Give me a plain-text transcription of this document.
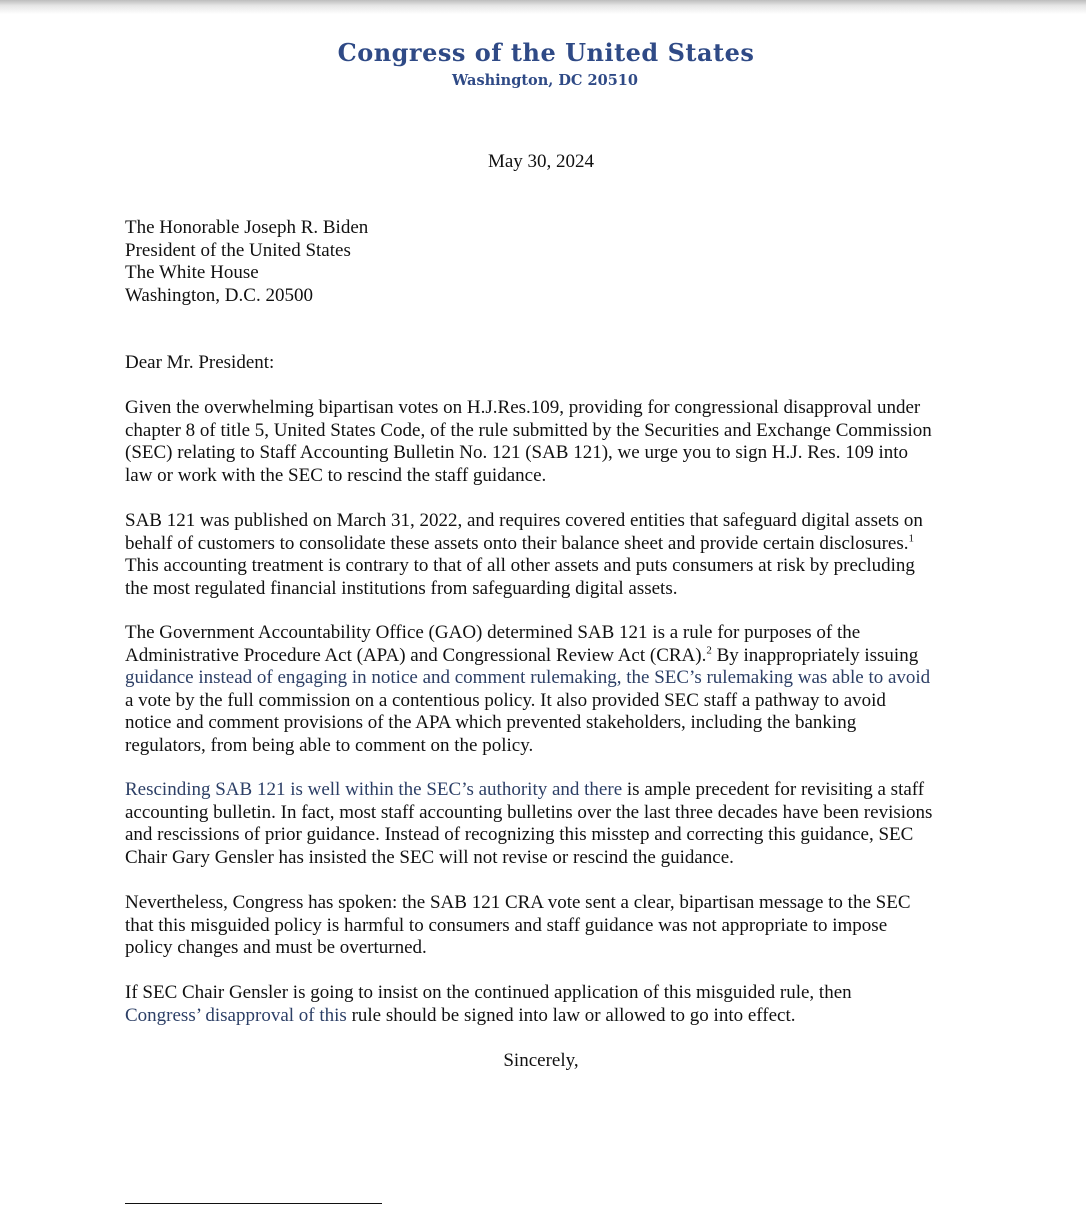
Congress of the United States
Washington, DC 20510
May 30, 2024
The Honorable Joseph R. Biden
President of the United States
The White House
Washington, D.C. 20500
Dear Mr. President:
Given the overwhelming bipartisan votes on H.J.Res.109, providing for congressional disapproval under
chapter 8 of title 5, United States Code, of the rule submitted by the Securities and Exchange Commission
(SEC) relating to Staff Accounting Bulletin No. 121 (SAB 121), we urge you to sign H.J. Res. 109 into
law or work with the SEC to rescind the staff guidance.
SAB 121 was published on March 31, 2022, and requires covered entities that safeguard digital assets on
behalf of customers to consolidate these assets onto their balance sheet and provide certain disclosures.$^1$
This accounting treatment is contrary to that of all other assets and puts consumers at risk by precluding
the most regulated financial institutions from safeguarding digital assets.
The Government Accountability Office (GAO) determined SAB 121 is a rule for purposes of the
Administrative Procedure Act (APA) and Congressional Review Act (CRA).$^2$ By inappropriately issuing
guidance instead of engaging in notice and comment rulemaking, the SEC’s rulemaking was able to avoid
a vote by the full commission on a contentious policy. It also provided SEC staff a pathway to avoid
notice and comment provisions of the APA which prevented stakeholders, including the banking
regulators, from being able to comment on the policy.
Rescinding SAB 121 is well within the SEC’s authority and there is ample precedent for revisiting a staff
accounting bulletin. In fact, most staff accounting bulletins over the last three decades have been revisions
and rescissions of prior guidance. Instead of recognizing this misstep and correcting this guidance, SEC
Chair Gary Gensler has insisted the SEC will not revise or rescind the guidance.
Nevertheless, Congress has spoken: the SAB 121 CRA vote sent a clear, bipartisan message to the SEC
that this misguided policy is harmful to consumers and staff guidance was not appropriate to impose
policy changes and must be overturned.
If SEC Chair Gensler is going to insist on the continued application of this misguided rule, then
Congress’ disapproval of this rule should be signed into law or allowed to go into effect.
Sincerely,
